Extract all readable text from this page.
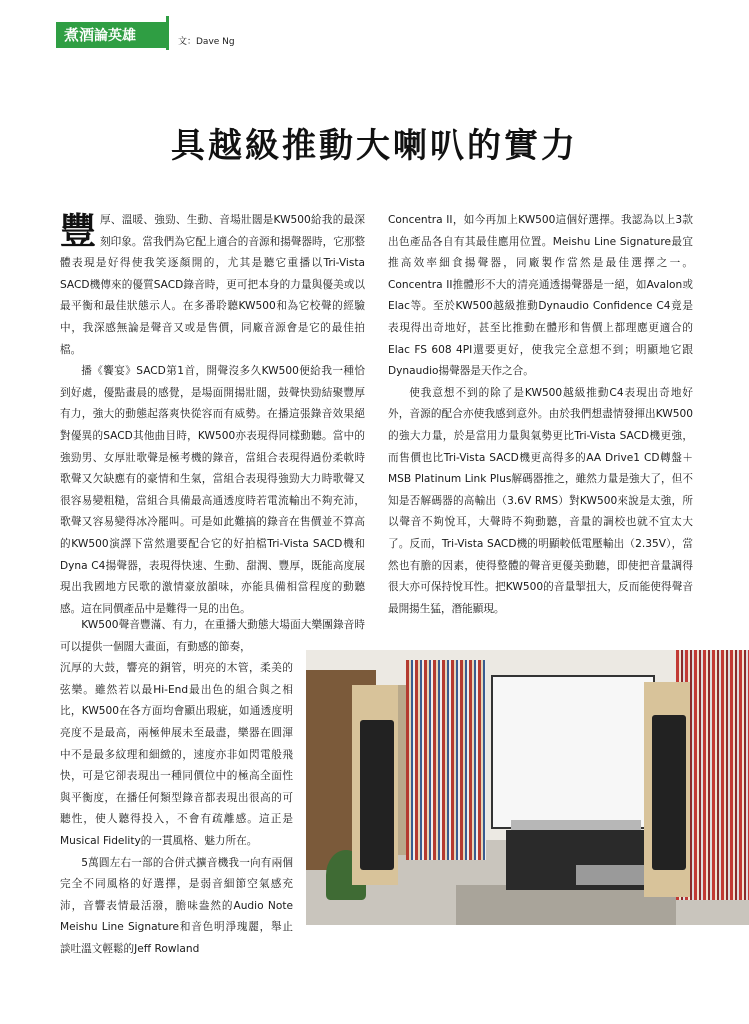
煮酒論英雄	文：Dave Ng
具越級推動大喇叭的實力

豐厚、溫暖、強勁、生動、音場壯闊是KW500給我的最深刻印象。當我們為它配上適合的音源和揚聲器時，它那整體表現是好得使我笑逐顏開的，尤其是聽它重播以Tri-Vista SACD機傳來的優質SACD錄音時，更可把本身的力量與優美或以最平衡和最佳狀態示人。在多番聆聽KW500和為它校聲的經驗中，我深感無論是聲音又或是售價，同廠音源會是它的最佳拍檔。

播《饗宴》SACD第1首，開聲沒多久KW500便給我一種恰到好處，優點畫晨的感覺，是場面開揚壯闊，鼓聲快勁結聚豐厚有力，強大的動態起落爽快從容而有威勢。在播這張錄音效果絕對優異的SACD其他曲目時，KW500亦表現得同樣動聽。當中的強勁男、女厚壯歌聲是極考機的錄音，當組合表現得過份柔軟時歌聲又欠缺應有的豪情和生氣，當組合表現得強勁大力時歌聲又很容易變粗糙，當組合具備最高通透度時若電流輸出不夠充沛，歌聲又容易變得冰冷罷叫。可是如此難搞的錄音在售價並不算高的KW500演譯下當然還要配合它的好拍檔Tri-Vista SACD機和Dyna C4揚聲器，表現得快速、生動、甜潤、豐厚，既能高度展現出我國地方民歌的激情豪放韻味，亦能具備相當程度的動聽感。這在同價產品中是難得一見的出色。

KW500聲音豐滿、有力，在重播大動態大場面大樂團錄音時可以提供一個闊大畫面，有動感的節奏，

沉厚的大鼓，響亮的銅管，明亮的木管，柔美的弦樂。雖然若以最Hi-End最出色的組合與之相比，KW500在各方面均會顯出瑕疵，如通透度明亮度不是最高，兩極伸展未至最盡，樂器在圓渾中不是最多紋理和細緻的，速度亦非如閃電般飛快，可是它卻表現出一種同價位中的極高全面性與平衡度，在播任何類型錄音都表現出很高的可聽性，使人聽得投入，不會有疏離感。這正是Musical Fidelity的一貫風格、魅力所在。

5萬圓左右一部的合併式擴音機我一向有兩個完全不同風格的好選擇，是弱音細節空氣感充沛，音響表情最活潑，膽味盎然的Audio Note Meishu Line Signature和音色明淨瑰麗，舉止談吐溫文輕鬆的Jeff Rowland

Concentra II，如今再加上KW500這個好選擇。我認為以上3款出色產品各自有其最佳應用位置。Meishu Line Signature最宜推高效率細食揚聲器，同廠製作當然是最佳選擇之一。Concentra II推體形不大的清亮通透揚聲器是一絕，如Avalon或Elac等。至於KW500越級推動Dynaudio Confidence C4竟是表現得出奇地好，甚至比推動在體形和售價上都理應更適合的Elac FS 608 4PI還要更好，使我完全意想不到；明顯地它跟Dynaudio揚聲器是天作之合。

使我意想不到的除了是KW500越級推動C4表現出奇地好外，音源的配合亦使我感到意外。由於我們想盡情發揮出KW500的強大力量，於是當用力量與氣勢更比Tri-Vista SACD機更強，而售價也比Tri-Vista SACD機更高得多的AA Drive1 CD轉盤＋MSB Platinum Link Plus解碼器推之，雖然力量是強大了，但不知是否解碼器的高輸出（3.6V RMS）對KW500來說是太強，所以聲音不夠悅耳，大聲時不夠動聽，音量的調校也就不宜太大了。反而，Tri-Vista SACD機的明顯較低電壓輸出（2.35V），當然也有膽的因素，使得整體的聲音更優美動聽，即使把音量調得很大亦可保持悅耳性。把KW500的音量掣扭大，反而能使得聲音最開揚生猛，潛能顯現。
